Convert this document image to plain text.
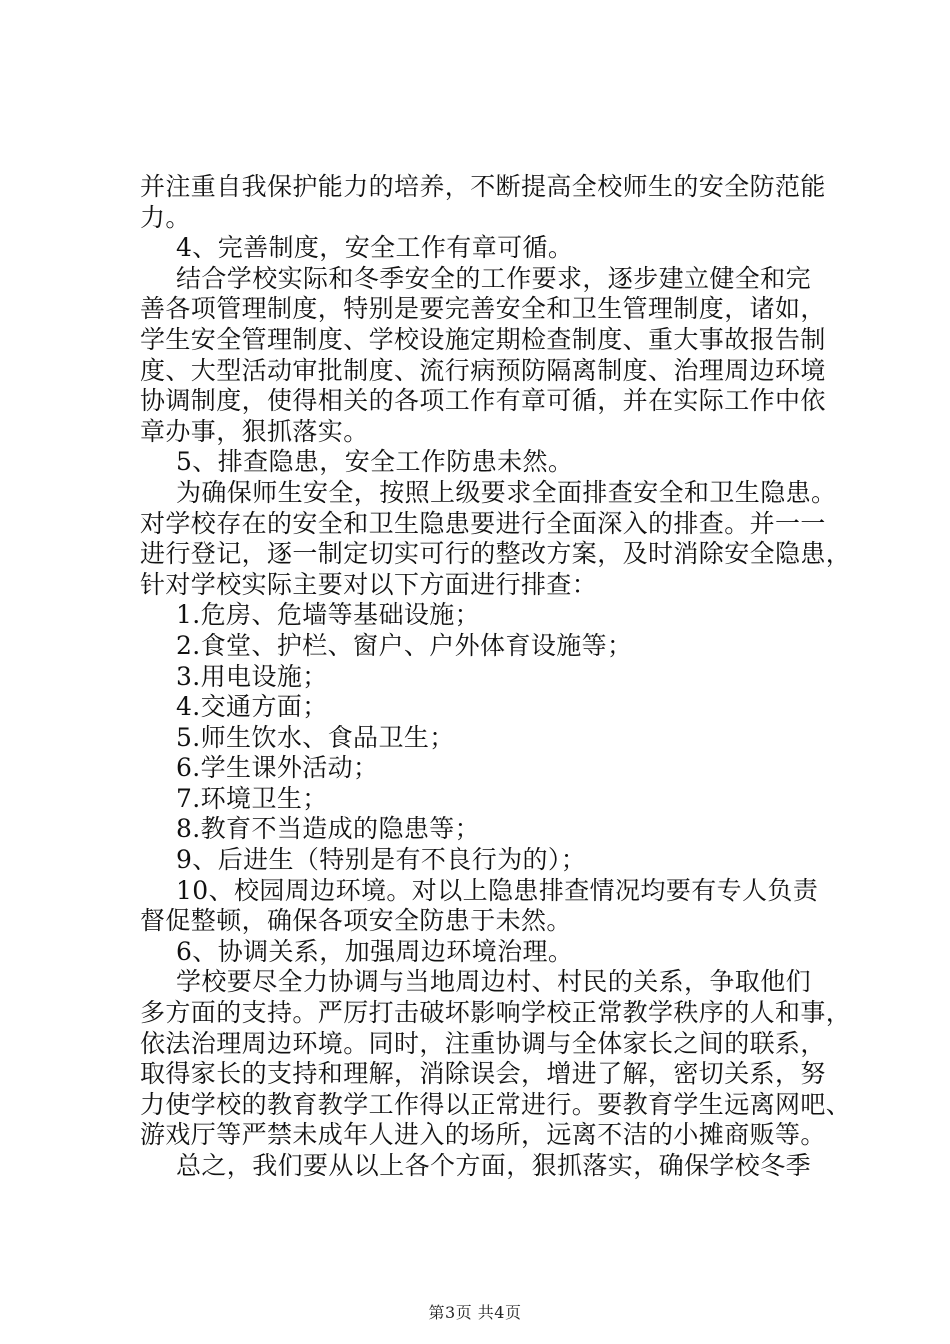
并注重自我保护能力的培养，不断提高全校师生的安全防范能
力。
4、完善制度，安全工作有章可循。
结合学校实际和冬季安全的工作要求，逐步建立健全和完
善各项管理制度，特别是要完善安全和卫生管理制度，诸如，
学生安全管理制度、学校设施定期检查制度、重大事故报告制
度、大型活动审批制度、流行病预防隔离制度、治理周边环境
协调制度，使得相关的各项工作有章可循，并在实际工作中依
章办事，狠抓落实。
5、排查隐患，安全工作防患未然。
为确保师生安全，按照上级要求全面排查安全和卫生隐患。
对学校存在的安全和卫生隐患要进行全面深入的排查。并一一
进行登记，逐一制定切实可行的整改方案，及时消除安全隐患，
针对学校实际主要对以下方面进行排查：
1.危房、危墙等基础设施；
2.食堂、护栏、窗户、户外体育设施等；
3.用电设施；
4.交通方面；
5.师生饮水、食品卫生；
6.学生课外活动；
7.环境卫生；
8.教育不当造成的隐患等；
9、后进生（特别是有不良行为的）；
10、校园周边环境。对以上隐患排查情况均要有专人负责
督促整顿，确保各项安全防患于未然。
6、协调关系，加强周边环境治理。
学校要尽全力协调与当地周边村、村民的关系，争取他们
多方面的支持。严厉打击破坏影响学校正常教学秩序的人和事，
依法治理周边环境。同时，注重协调与全体家长之间的联系，
取得家长的支持和理解，消除误会，增进了解，密切关系，努
力使学校的教育教学工作得以正常进行。要教育学生远离网吧、
游戏厅等严禁未成年人进入的场所，远离不洁的小摊商贩等。
总之，我们要从以上各个方面，狠抓落实，确保学校冬季
第3页 共4页
